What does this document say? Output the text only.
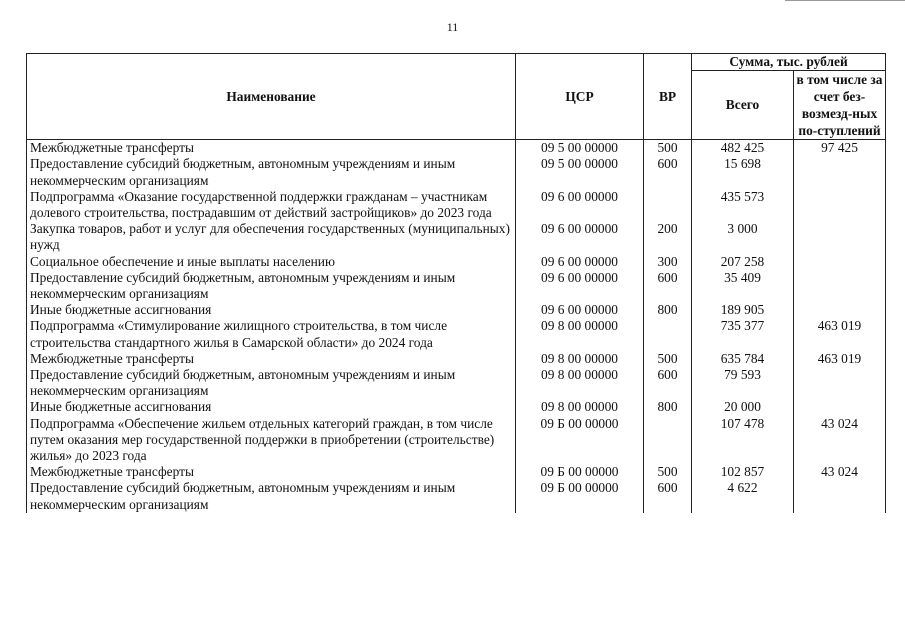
11
Наименование	ЦСР	ВР	Сумма, тыс. рублей	
			Всего	в том числе за счет без-возмезд-ных по-ступлений
Межбюджетные трансферты	09 5 00 00000	500	482 425	97 425
Предоставление субсидий бюджетным, автономным учреждениям и иным некоммерческим организациям	09 5 00 00000	600	15 698	
Подпрограмма «Оказание государственной поддержки гражданам – участникам долевого строительства, пострадавшим от действий застройщиков» до 2023 года	09 6 00 00000		435 573	
Закупка товаров, работ и услуг для обеспечения государственных (муниципальных) нужд	09 6 00 00000	200	3 000	
Социальное обеспечение и иные выплаты населению	09 6 00 00000	300	207 258	
Предоставление субсидий бюджетным, автономным учреждениям и иным некоммерческим организациям	09 6 00 00000	600	35 409	
Иные бюджетные ассигнования	09 6 00 00000	800	189 905	
Подпрограмма «Стимулирование жилищного строительства, в том числе строительства стандартного жилья в Самарской области» до 2024 года	09 8 00 00000		735 377	463 019
Межбюджетные трансферты	09 8 00 00000	500	635 784	463 019
Предоставление субсидий бюджетным, автономным учреждениям и иным некоммерческим организациям	09 8 00 00000	600	79 593	
Иные бюджетные ассигнования	09 8 00 00000	800	20 000	
Подпрограмма «Обеспечение жильем отдельных категорий граждан, в том числе путем оказания мер государственной поддержки в приобретении (строительстве) жилья» до 2023 года	09 Б 00 00000		107 478	43 024
Межбюджетные трансферты	09 Б 00 00000	500	102 857	43 024
Предоставление субсидий бюджетным, автономным учреждениям и иным некоммерческим организациям	09 Б 00 00000	600	4 622	
